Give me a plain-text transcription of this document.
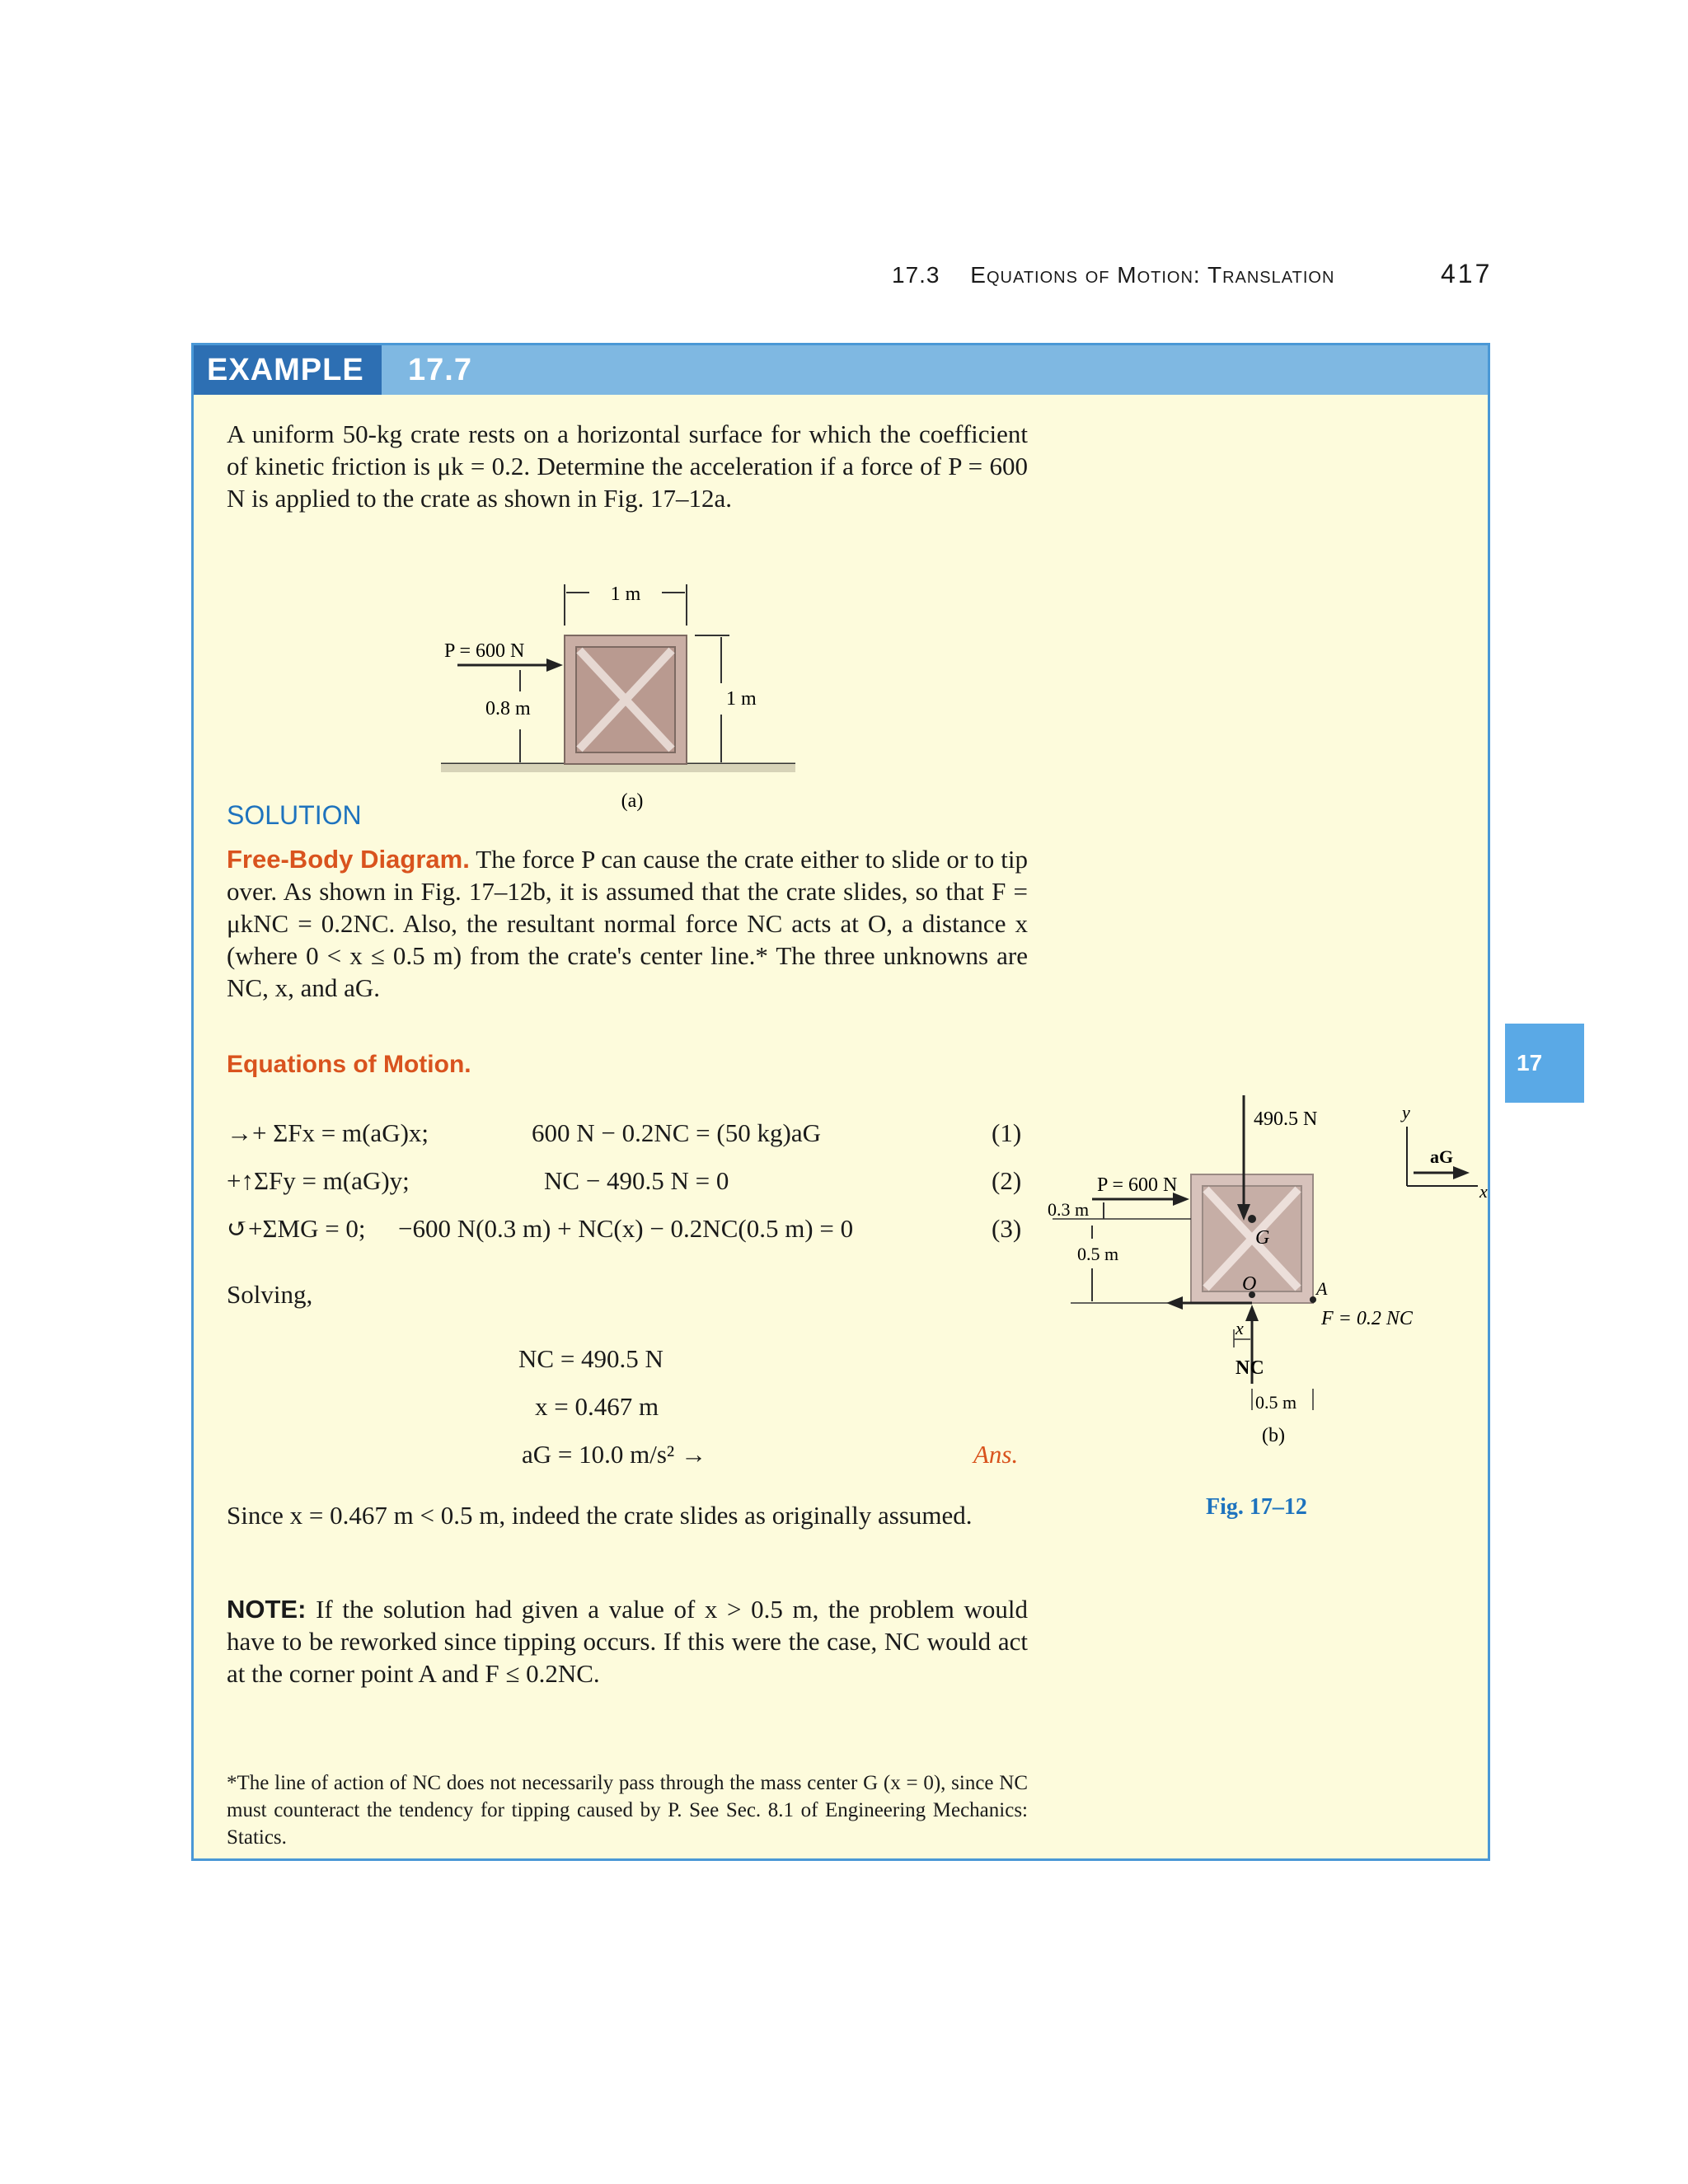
17.3 Equations of Motion: Translation	417
EXAMPLE	17.7
A uniform 50-kg crate rests on a horizontal surface for which the coefficient of kinetic friction is μk = 0.2. Determine the acceleration if a force of P = 600 N is applied to the crate as shown in Fig. 17–12a.
1 m
1 m
P = 600 N
0.8 m
(a)
SOLUTION
Free-Body Diagram. The force P can cause the crate either to slide or to tip over. As shown in Fig. 17–12b, it is assumed that the crate slides, so that F = μkNC = 0.2NC. Also, the resultant normal force NC acts at O, a distance x (where 0 < x ≤ 0.5 m) from the crate's center line.* The three unknowns are NC, x, and aG.
Equations of Motion.
→+ ΣFx = m(aG)x;	600 N − 0.2NC = (50 kg)aG	(1)
+↑ΣFy = m(aG)y;	NC − 490.5 N = 0	(2)
↺+ΣMG = 0; −600 N(0.3 m) + NC(x) − 0.2NC(0.5 m) = 0	(3)
Solving,
NC = 490.5 N
x = 0.467 m
aG = 10.0 m/s² →	Ans.
Since x = 0.467 m < 0.5 m, indeed the crate slides as originally assumed.
NOTE: If the solution had given a value of x > 0.5 m, the problem would have to be reworked since tipping occurs. If this were the case, NC would act at the corner point A and F ≤ 0.2NC.
*The line of action of NC does not necessarily pass through the mass center G (x = 0), since NC must counteract the tendency for tipping caused by P. See Sec. 8.1 of Engineering Mechanics: Statics.
490.5 N
G
P = 600 N
0.3 m
0.5 m
F = 0.2 NC
O	A
NC
x
0.5 m
(b)
y
x
aG
Fig. 17–12
17
